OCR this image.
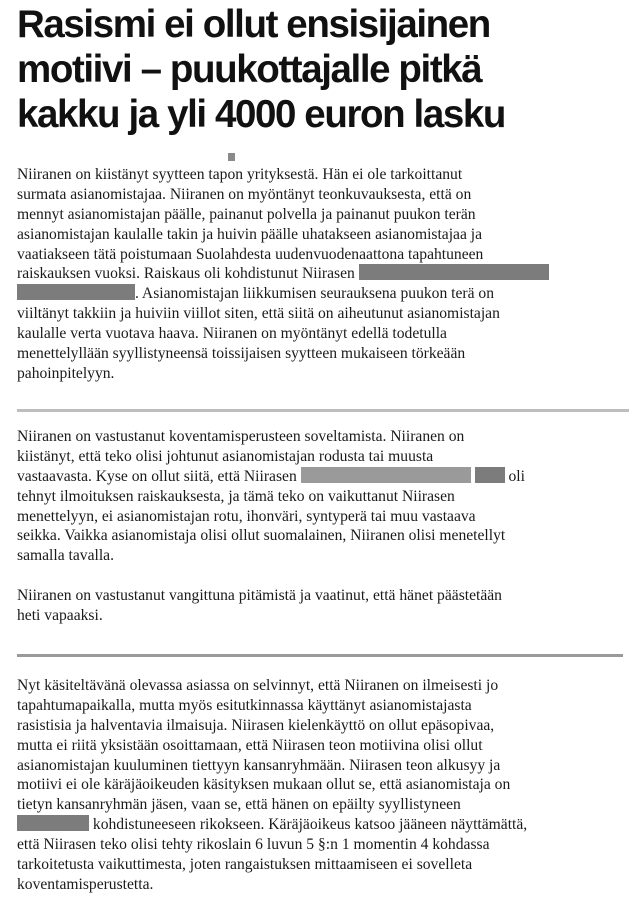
Rasismi ei ollut ensisijainen
motiivi – puukottajalle pitkä
kakku ja yli 4000 euron lasku
Niiranen on kiistänyt syytteen tapon yrityksestä. Hän ei ole tarkoittanut
surmata asianomistajaa. Niiranen on myöntänyt teonkuvauksesta, että on
mennyt asianomistajan päälle, painanut polvella ja painanut puukon terän
asianomistajan kaulalle takin ja huivin päälle uhatakseen asianomistajaa ja
vaatiakseen tätä poistumaan Suolahdesta uudenvuodenaattona tapahtuneen
raiskauksen vuoksi. Raiskaus oli kohdistunut Niirasen
. Asianomistajan liikkumisen seurauksena puukon terä on
viiltänyt takkiin ja huiviin viillot siten, että siitä on aiheutunut asianomistajan
kaulalle verta vuotava haava. Niiranen on myöntänyt edellä todetulla
menettelyllään syyllistyneensä toissijaisen syytteen mukaiseen törkeään
pahoinpitelyyn.
Niiranen on vastustanut koventamisperusteen soveltamista. Niiranen on
kiistänyt, että teko olisi johtunut asianomistajan rodusta tai muusta
vastaavasta. Kyse on ollut siitä, että Niirasen	oli
tehnyt ilmoituksen raiskauksesta, ja tämä teko on vaikuttanut Niirasen
menettelyyn, ei asianomistajan rotu, ihonväri, syntyperä tai muu vastaava
seikka. Vaikka asianomistaja olisi ollut suomalainen, Niiranen olisi menetellyt
samalla tavalla.
Niiranen on vastustanut vangittuna pitämistä ja vaatinut, että hänet päästetään
heti vapaaksi.
Nyt käsiteltävänä olevassa asiassa on selvinnyt, että Niiranen on ilmeisesti jo
tapahtumapaikalla, mutta myös esitutkinnassa käyttänyt asianomistajasta
rasistisia ja halventavia ilmaisuja. Niirasen kielenkäyttö on ollut epäsopivaa,
mutta ei riitä yksistään osoittamaan, että Niirasen teon motiivina olisi ollut
asianomistajan kuuluminen tiettyyn kansanryhmään. Niirasen teon alkusyy ja
motiivi ei ole käräjäoikeuden käsityksen mukaan ollut se, että asianomistaja on
tietyn kansanryhmän jäsen, vaan se, että hänen on epäilty syyllistyneen
kohdistuneeseen rikokseen. Käräjäoikeus katsoo jääneen näyttämättä,
että Niirasen teko olisi tehty rikoslain 6 luvun 5 §:n 1 momentin 4 kohdassa
tarkoitetusta vaikuttimesta, joten rangaistuksen mittaamiseen ei sovelleta
koventamisperustetta.
